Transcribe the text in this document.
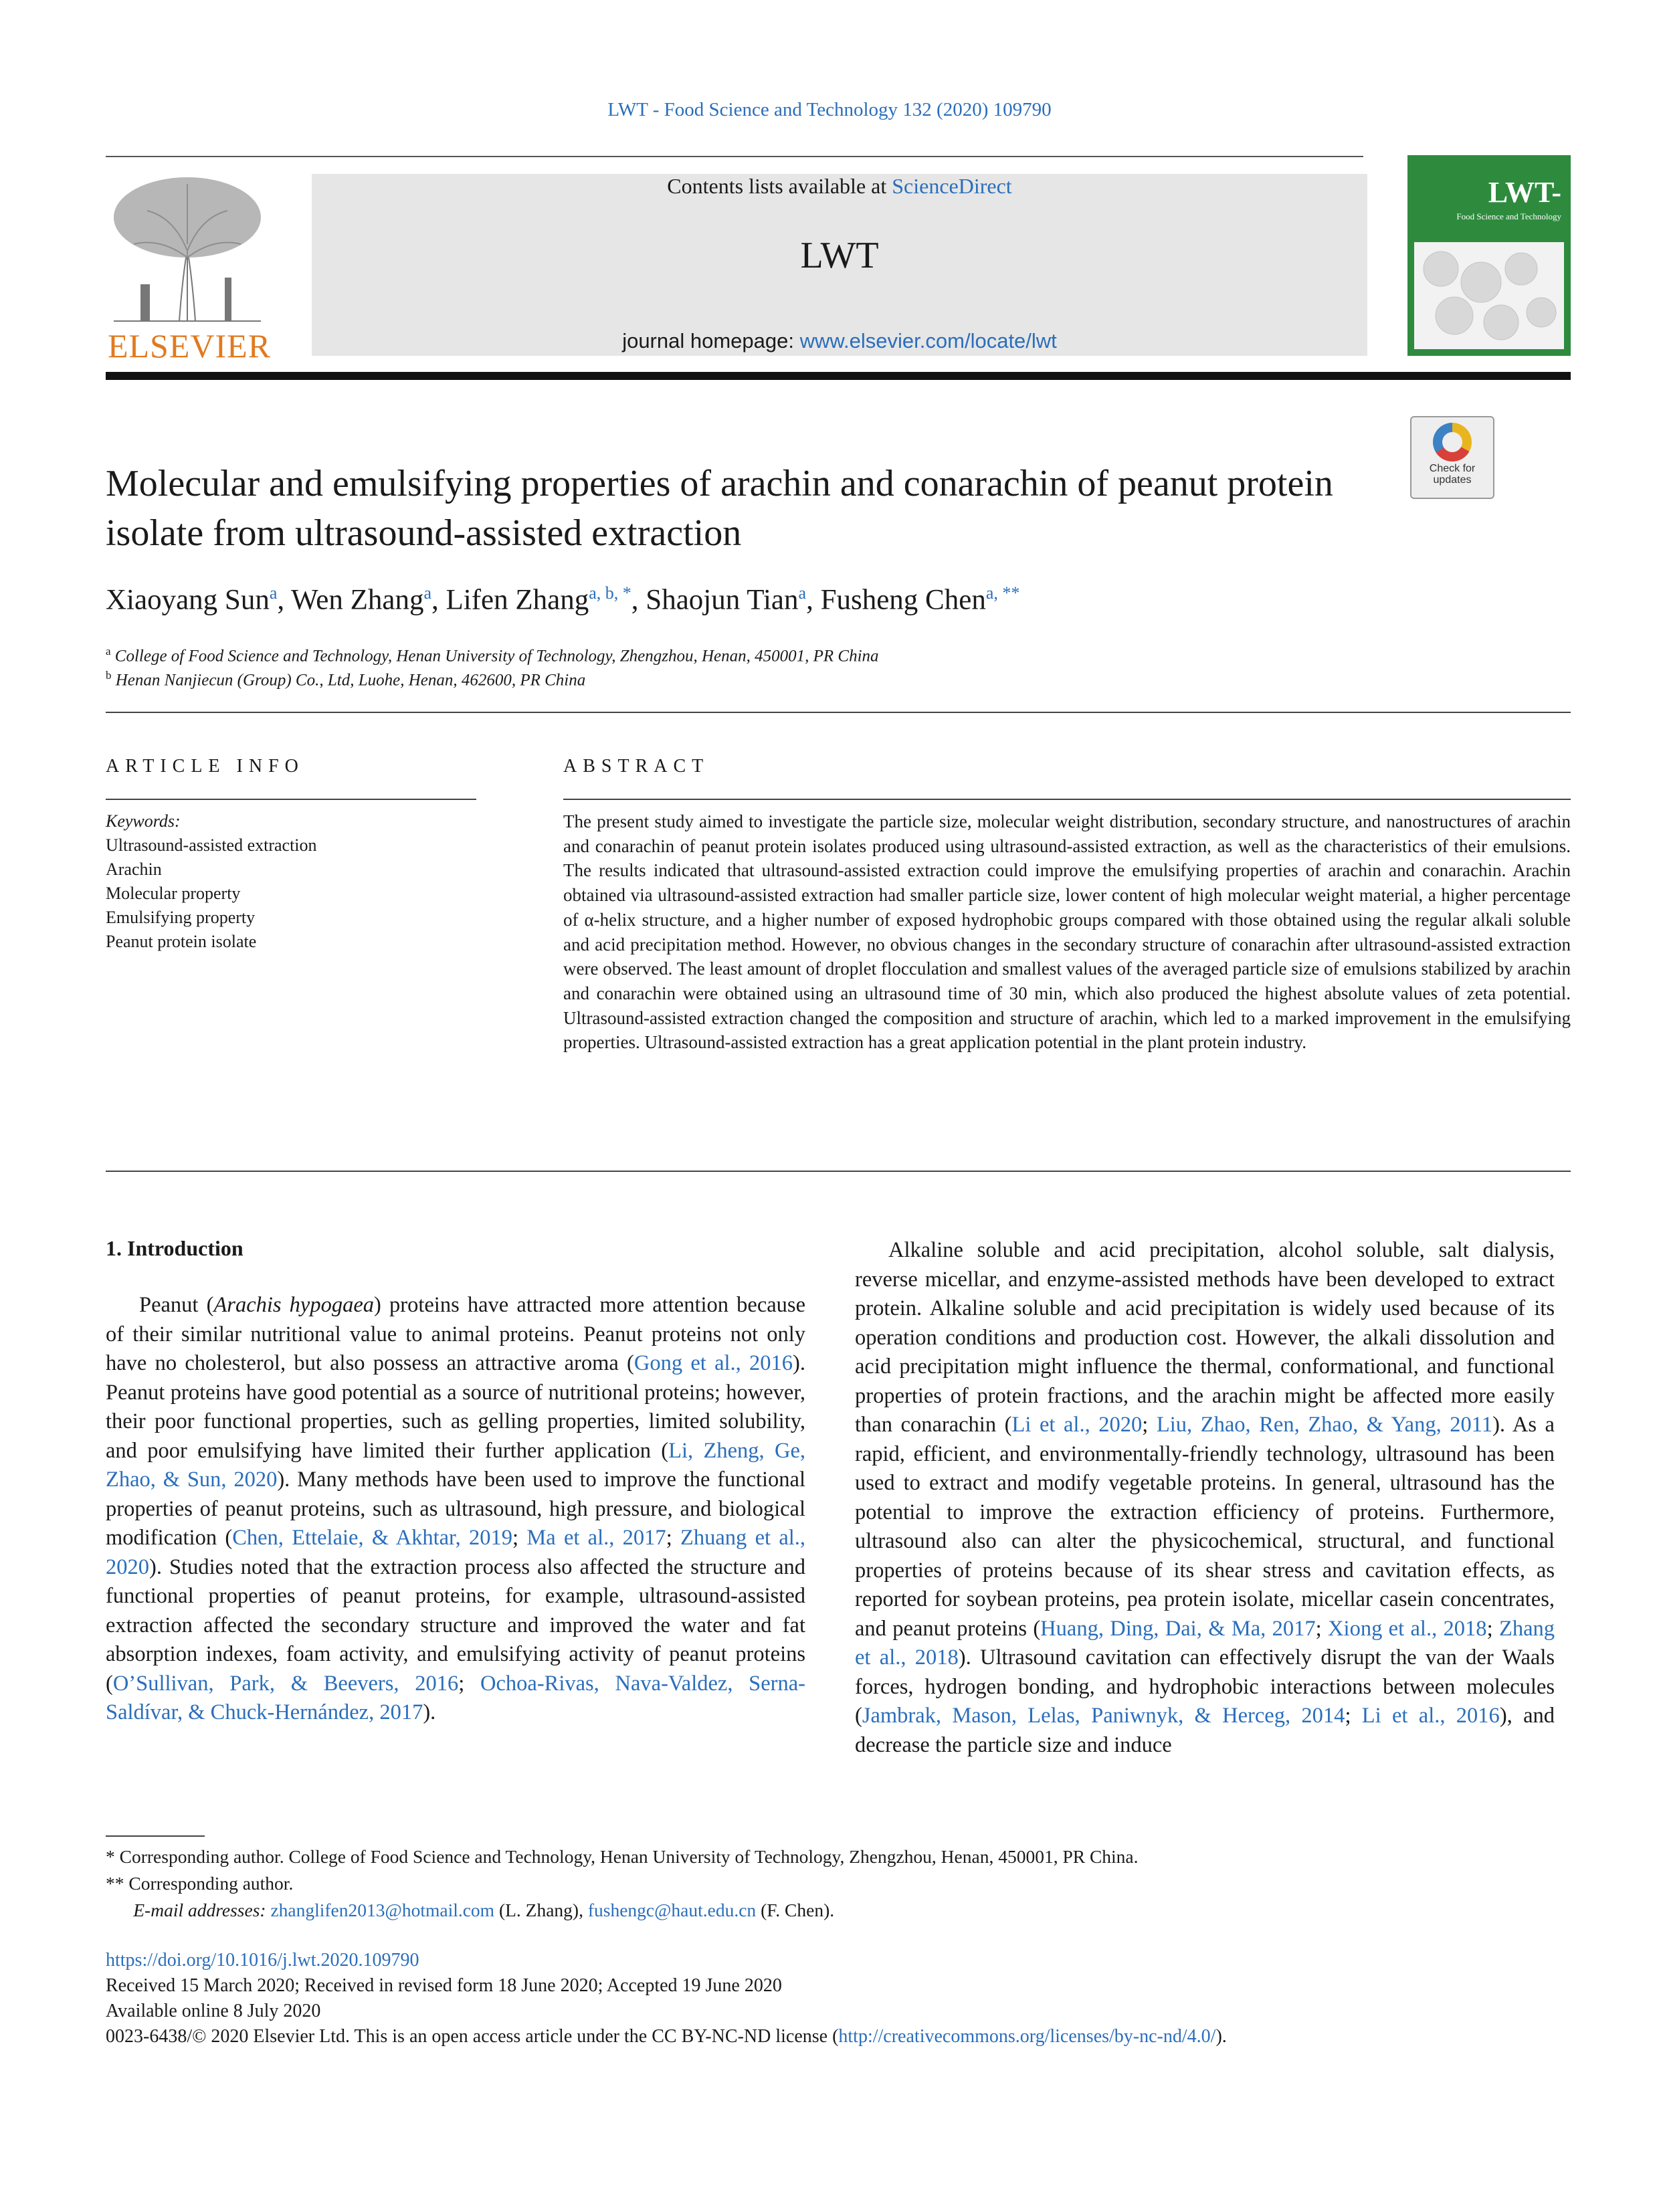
LWT - Food Science and Technology 132 (2020) 109790
ELSEVIER
Contents lists available at ScienceDirect
LWT
journal homepage: www.elsevier.com/locate/lwt
LWT-
Food Science and Technology
Check for
updates
Molecular and emulsifying properties of arachin and conarachin of peanut protein isolate from ultrasound-assisted extraction
Xiaoyang Sun$^a$, Wen Zhang$^a$, Lifen Zhang$^{a, b, *}$, Shaojun Tian$^a$, Fusheng Chen$^{a, **}$
$^a$ College of Food Science and Technology, Henan University of Technology, Zhengzhou, Henan, 450001, PR China
$^b$ Henan Nanjiecun (Group) Co., Ltd, Luohe, Henan, 462600, PR China
ARTICLE INFO	ABSTRACT
Keywords:
Ultrasound-assisted extraction
Arachin
Molecular property
Emulsifying property
Peanut protein isolate
The present study aimed to investigate the particle size, molecular weight distribution, secondary structure, and nanostructures of arachin and conarachin of peanut protein isolates produced using ultrasound-assisted extraction, as well as the characteristics of their emulsions. The results indicated that ultrasound-assisted extraction could improve the emulsifying properties of arachin and conarachin. Arachin obtained via ultrasound-assisted extraction had smaller particle size, lower content of high molecular weight material, a higher percentage of α-helix structure, and a higher number of exposed hydrophobic groups compared with those obtained using the regular alkali soluble and acid precipitation method. However, no obvious changes in the secondary structure of conarachin after ultrasound-assisted extraction were observed. The least amount of droplet flocculation and smallest values of the averaged particle size of emulsions stabilized by arachin and conarachin were obtained using an ultrasound time of 30 min, which also produced the highest absolute values of zeta potential. Ultrasound-assisted extraction changed the composition and structure of arachin, which led to a marked improvement in the emulsifying properties. Ultrasound-assisted extraction has a great application potential in the plant protein industry.
1. Introduction
Peanut (Arachis hypogaea) proteins have attracted more attention because of their similar nutritional value to animal proteins. Peanut proteins not only have no cholesterol, but also possess an attractive aroma (Gong et al., 2016). Peanut proteins have good potential as a source of nutritional proteins; however, their poor functional properties, such as gelling properties, limited solubility, and poor emulsifying have limited their further application (Li, Zheng, Ge, Zhao, & Sun, 2020). Many methods have been used to improve the functional properties of peanut proteins, such as ultrasound, high pressure, and biological modification (Chen, Ettelaie, & Akhtar, 2019; Ma et al., 2017; Zhuang et al., 2020). Studies noted that the extraction process also affected the structure and functional properties of peanut proteins, for example, ultrasound-assisted extraction affected the secondary structure and improved the water and fat absorption indexes, foam activity, and emulsifying activity of peanut proteins (O’Sullivan, Park, & Beevers, 2016; Ochoa-Rivas, Nava-Valdez, Serna-Saldívar, & Chuck-Hernández, 2017).
Alkaline soluble and acid precipitation, alcohol soluble, salt dialysis, reverse micellar, and enzyme-assisted methods have been developed to extract protein. Alkaline soluble and acid precipitation is widely used because of its operation conditions and production cost. However, the alkali dissolution and acid precipitation might influence the thermal, conformational, and functional properties of protein fractions, and the arachin might be affected more easily than conarachin (Li et al., 2020; Liu, Zhao, Ren, Zhao, & Yang, 2011). As a rapid, efficient, and environmentally-friendly technology, ultrasound has been used to extract and modify vegetable proteins. In general, ultrasound has the potential to improve the extraction efficiency of proteins. Furthermore, ultrasound also can alter the physicochemical, structural, and functional properties of proteins because of its shear stress and cavitation effects, as reported for soybean proteins, pea protein isolate, micellar casein concentrates, and peanut proteins (Huang, Ding, Dai, & Ma, 2017; Xiong et al., 2018; Zhang et al., 2018). Ultrasound cavitation can effectively disrupt the van der Waals forces, hydrogen bonding, and hydrophobic interactions between molecules (Jambrak, Mason, Lelas, Paniwnyk, & Herceg, 2014; Li et al., 2016), and decrease the particle size and induce
* Corresponding author. College of Food Science and Technology, Henan University of Technology, Zhengzhou, Henan, 450001, PR China.
** Corresponding author.
E-mail addresses: zhanglifen2013@hotmail.com (L. Zhang), fushengc@haut.edu.cn (F. Chen).
https://doi.org/10.1016/j.lwt.2020.109790
Received 15 March 2020; Received in revised form 18 June 2020; Accepted 19 June 2020
Available online 8 July 2020
0023-6438/© 2020 Elsevier Ltd. This is an open access article under the CC BY-NC-ND license (http://creativecommons.org/licenses/by-nc-nd/4.0/).
